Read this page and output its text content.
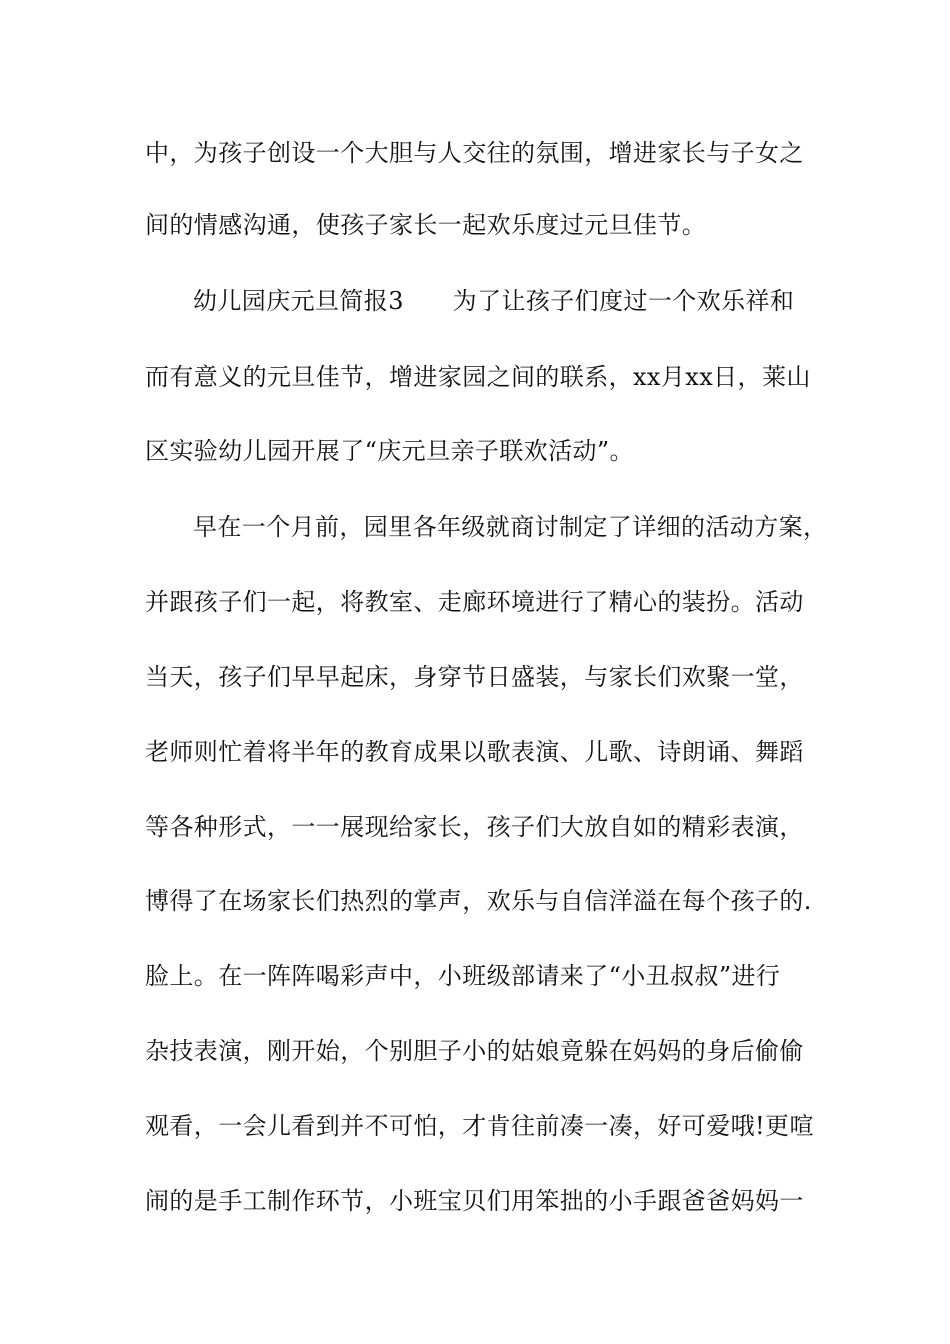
中，为孩子创设一个大胆与人交往的氛围，增进家长与子女之
间的情感沟通，使孩子家长一起欢乐度过元旦佳节。
幼儿园庆元旦简报3　　为了让孩子们度过一个欢乐祥和
而有意义的元旦佳节，增进家园之间的联系，xx月xx日，莱山
区实验幼儿园开展了“庆元旦亲子联欢活动”。
早在一个月前，园里各年级就商讨制定了详细的活动方案，
并跟孩子们一起，将教室、走廊环境进行了精心的装扮。活动
当天，孩子们早早起床，身穿节日盛装，与家长们欢聚一堂，
老师则忙着将半年的教育成果以歌表演、儿歌、诗朗诵、舞蹈
等各种形式，一一展现给家长，孩子们大放自如的精彩表演，
博得了在场家长们热烈的掌声，欢乐与自信洋溢在每个孩子的.
脸上。在一阵阵喝彩声中，小班级部请来了“小丑叔叔”进行
杂技表演，刚开始，个别胆子小的姑娘竟躲在妈妈的身后偷偷
观看，一会儿看到并不可怕，才肯往前凑一凑，好可爱哦!更喧
闹的是手工制作环节，小班宝贝们用笨拙的小手跟爸爸妈妈一
